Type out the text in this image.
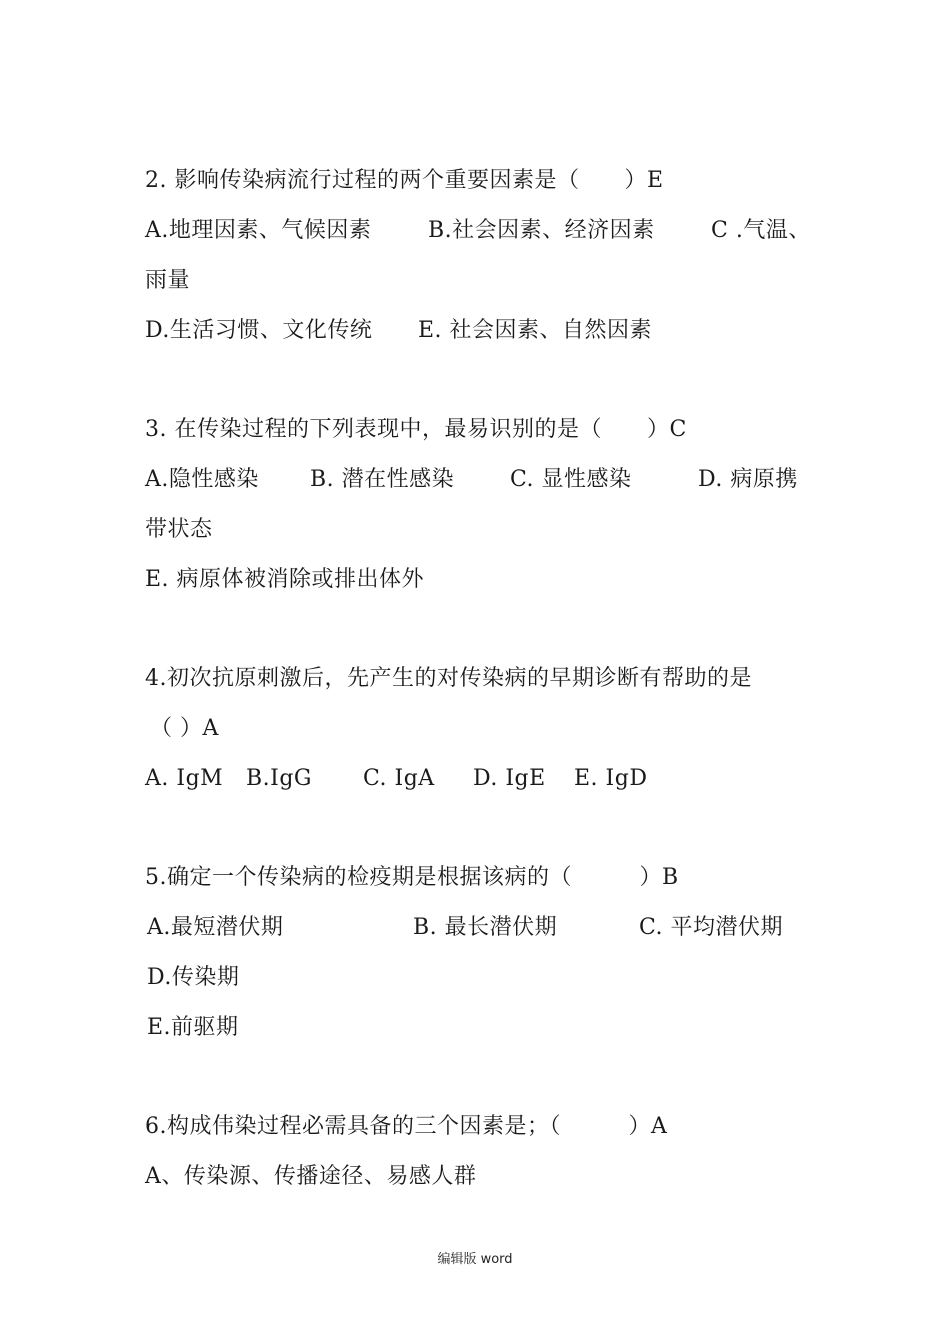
2. 影响传染病流行过程的两个重要因素是（　　）E
A.地理因素、气候因素	B.社会因素、经济因素	C .气温、
雨量
D.生活习惯、文化传统 E. 社会因素、自然因素
3. 在传染过程的下列表现中，最易识别的是（　　）C
A.隐性感染 B. 潜在性感染	C. 显性感染	D. 病原携
带状态
E. 病原体被消除或排出体外
4.初次抗原刺激后，先产生的对传染病的早期诊断有帮助的是
（ ）A
A. IgM B.IgG C. IgA D. IgE E. IgD
5.确定一个传染病的检疫期是根据该病的（　　　）B
A.最短潜伏期	B. 最长潜伏期	C. 平均潜伏期
D.传染期
E.前驱期
6.构成伟染过程必需具备的三个因素是；（　　　）A
A、传染源、传播途径、易感人群
编辑版 word
